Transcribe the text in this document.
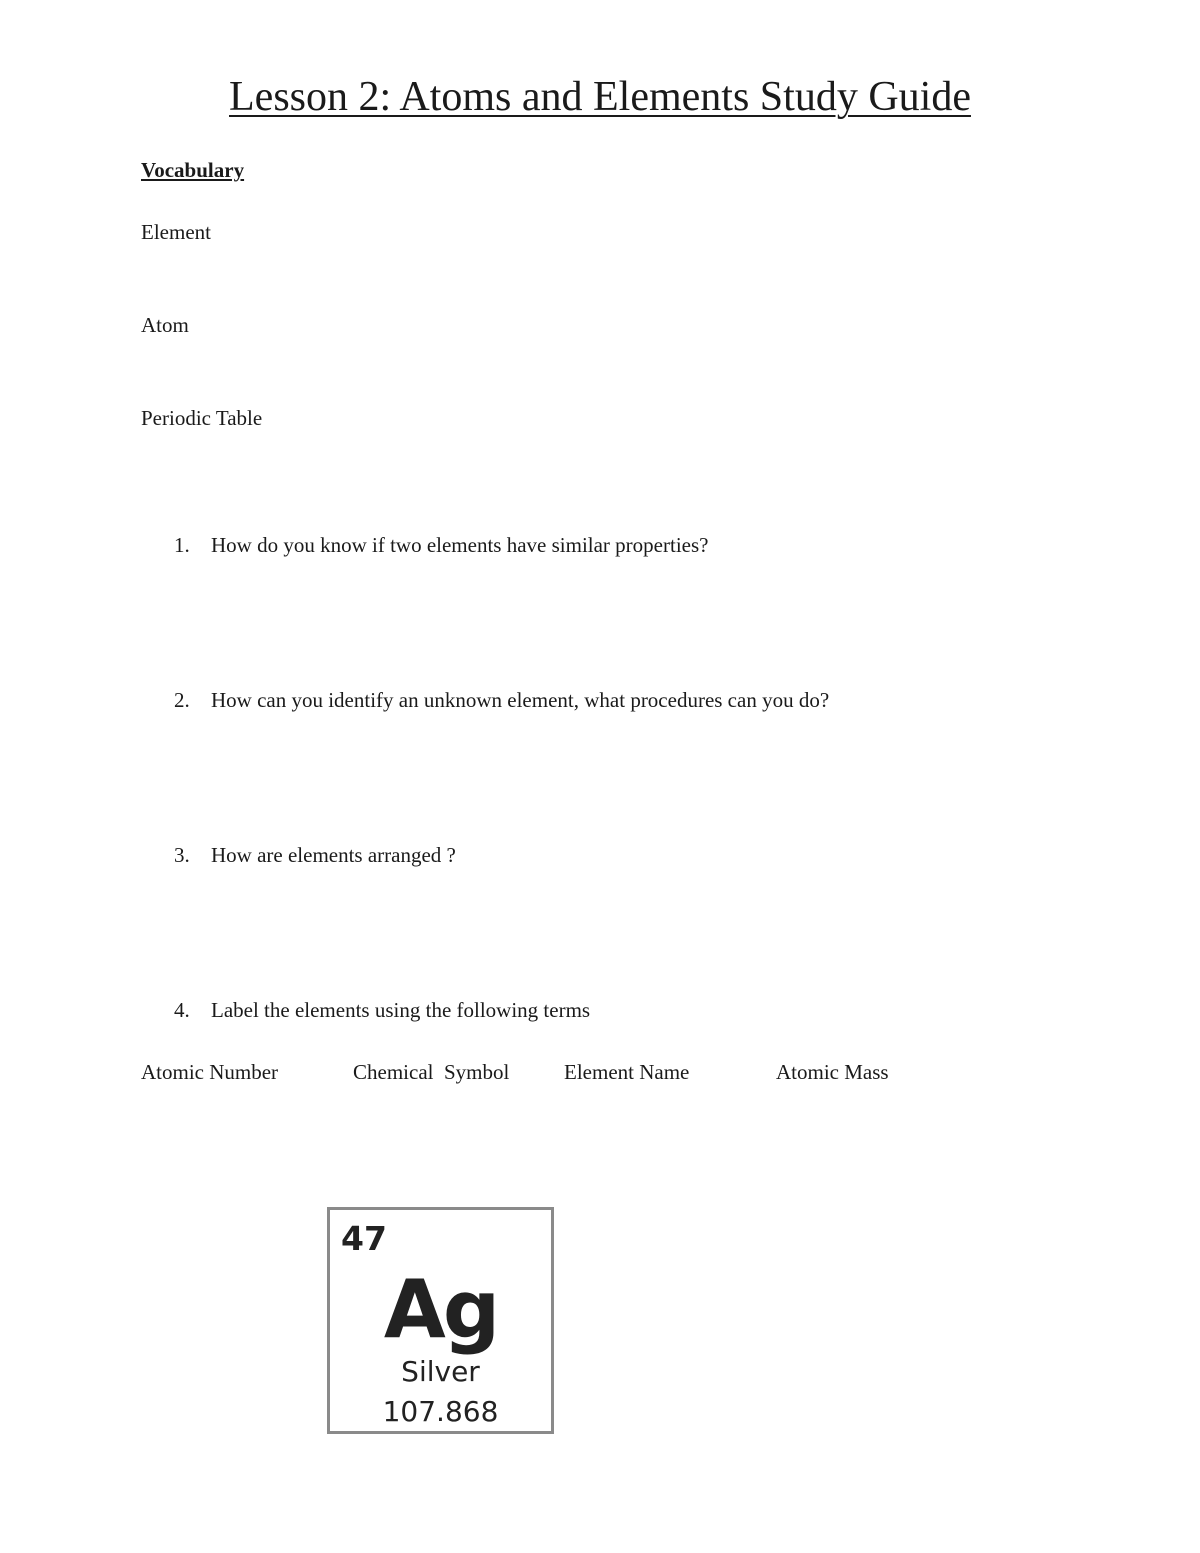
Lesson 2: Atoms and Elements Study Guide
Vocabulary
Element
Atom
Periodic Table
1. How do you know if two elements have similar properties?
2. How can you identify an unknown element, what procedures can you do?
3. How are elements arranged ?
4. Label the elements using the following terms
Atomic Number	Chemical  Symbol	Element Name	Atomic Mass
47
Ag
Silver
107.868
